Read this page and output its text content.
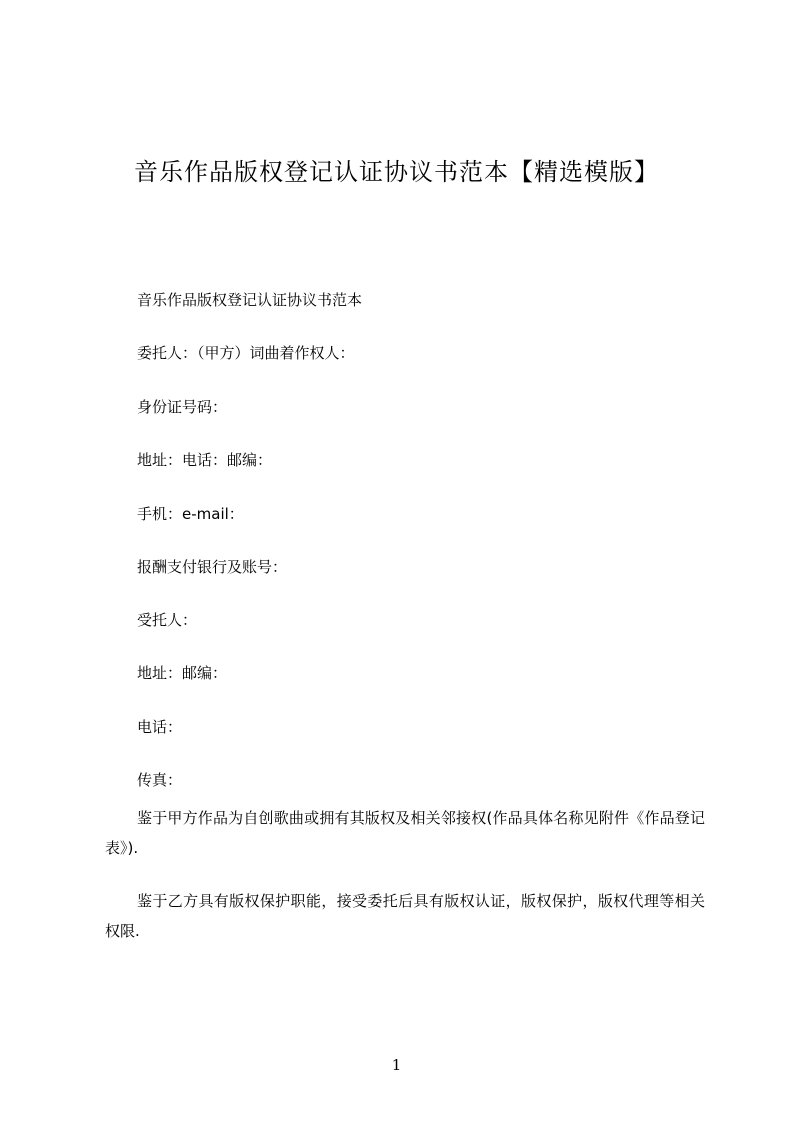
音乐作品版权登记认证协议书范本【精选模版】
音乐作品版权登记认证协议书范本
委托人：（甲方）词曲着作权人：
身份证号码：
地址：电话：邮编：
手机：e-mail：
报酬支付银行及账号：
受托人：
地址：邮编：
电话：
传真：

鉴于甲方作品为自创歌曲或拥有其版权及相关邻接权(作品具体名称见附件《作品登记表》).

鉴于乙方具有版权保护职能，接受委托后具有版权认证，版权保护，版权代理等相关权限.

1
